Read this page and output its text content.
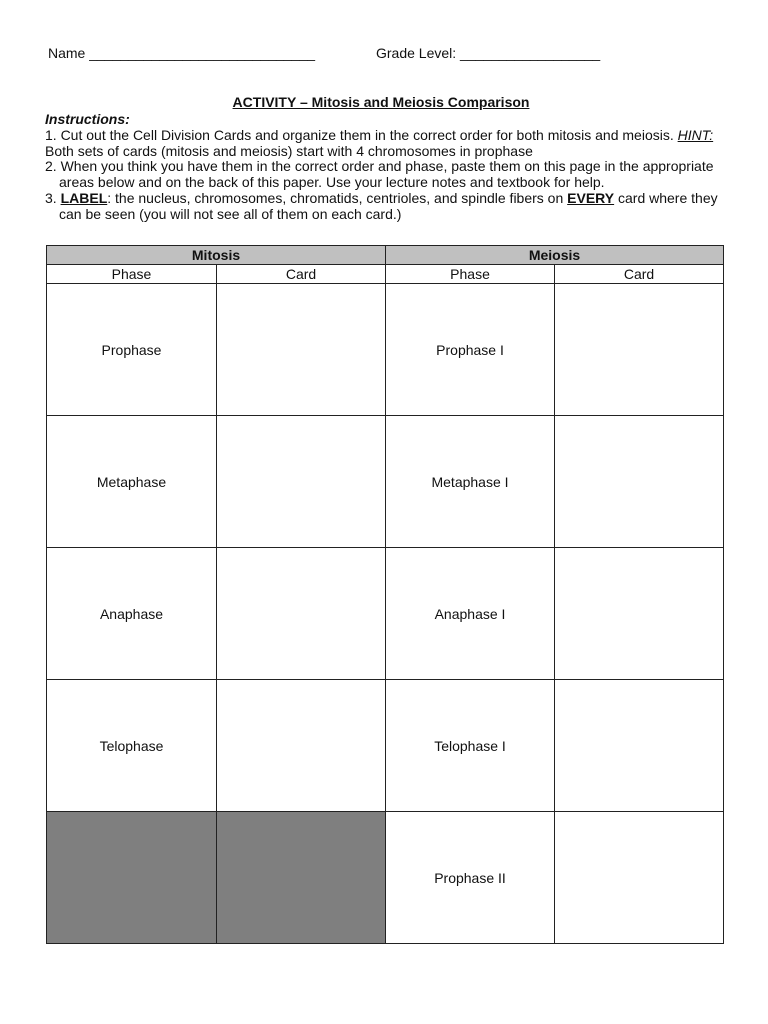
Name _____________________________	Grade Level: __________________
ACTIVITY – Mitosis and Meiosis Comparison
Instructions:
1. Cut out the Cell Division Cards and organize them in the correct order for both mitosis and meiosis. HINT:
Both sets of cards (mitosis and meiosis) start with 4 chromosomes in prophase
2. When you think you have them in the correct order and phase, paste them on this page in the appropriate
areas below and on the back of this paper. Use your lecture notes and textbook for help.
3. LABEL: the nucleus, chromosomes, chromatids, centrioles, and spindle fibers on EVERY card where they
can be seen (you will not see all of them on each card.)
Mitosis		Meiosis	
Phase	Card	Phase	Card
Prophase		Prophase I	
Metaphase		Metaphase I	
Anaphase		Anaphase I	
Telophase		Telophase I	
		Prophase II	
